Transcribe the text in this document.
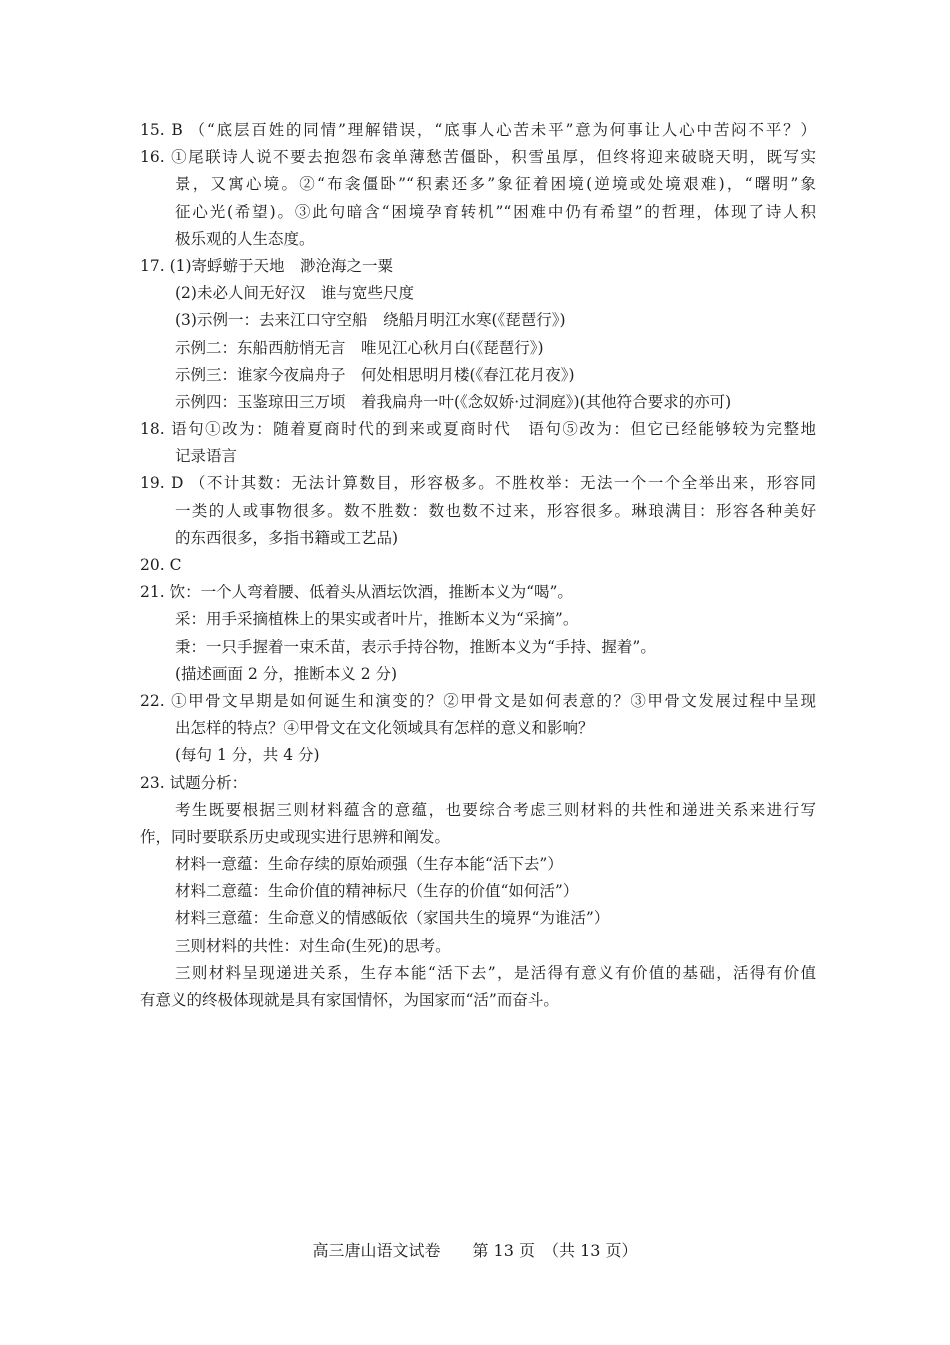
15. B （“底层百姓的同情”理解错误，“底事人心苦未平”意为何事让人心中苦闷不平？）
16. ①尾联诗人说不要去抱怨布衾单薄愁苦僵卧，积雪虽厚，但终将迎来破晓天明，既写实
景，又寓心境。②“布衾僵卧”“积素还多”象征着困境(逆境或处境艰难)，“曙明”象
征心光(希望)。③此句暗含“困境孕育转机”“困难中仍有希望”的哲理，体现了诗人积
极乐观的人生态度。
17. (1)寄蜉蝣于天地　渺沧海之一粟
(2)未必人间无好汉　谁与宽些尺度
(3)示例一：去来江口守空船　绕船月明江水寒(《琵琶行》)
示例二：东船西舫悄无言　唯见江心秋月白(《琵琶行》)
示例三：谁家今夜扁舟子　何处相思明月楼(《春江花月夜》)
示例四：玉鉴琼田三万顷　着我扁舟一叶(《念奴娇·过洞庭》)(其他符合要求的亦可)
18. 语句①改为：随着夏商时代的到来或夏商时代　语句⑤改为：但它已经能够较为完整地
记录语言
19. D （不计其数：无法计算数目，形容极多。不胜枚举：无法一个一个全举出来，形容同
一类的人或事物很多。数不胜数：数也数不过来，形容很多。琳琅满目：形容各种美好
的东西很多，多指书籍或工艺品)
20. C
21. 饮：一个人弯着腰、低着头从酒坛饮酒，推断本义为“喝”。
采：用手采摘植株上的果实或者叶片，推断本义为“采摘”。
秉：一只手握着一束禾苗，表示手持谷物，推断本义为“手持、握着”。
(描述画面 2 分，推断本义 2 分)
22. ①甲骨文早期是如何诞生和演变的？②甲骨文是如何表意的？③甲骨文发展过程中呈现
出怎样的特点？④甲骨文在文化领域具有怎样的意义和影响？
(每句 1 分，共 4 分)
23. 试题分析：
考生既要根据三则材料蕴含的意蕴，也要综合考虑三则材料的共性和递进关系来进行写
作，同时要联系历史或现实进行思辨和阐发。
材料一意蕴：生命存续的原始顽强（生存本能“活下去”）
材料二意蕴：生命价值的精神标尺（生存的价值“如何活”）
材料三意蕴：生命意义的情感皈依（家国共生的境界“为谁活”）
三则材料的共性：对生命(生死)的思考。
三则材料呈现递进关系，生存本能“活下去”，是活得有意义有价值的基础，活得有价值
有意义的终极体现就是具有家国情怀，为国家而“活”而奋斗。
高三唐山语文试卷　　第 13 页　（共 13 页）
